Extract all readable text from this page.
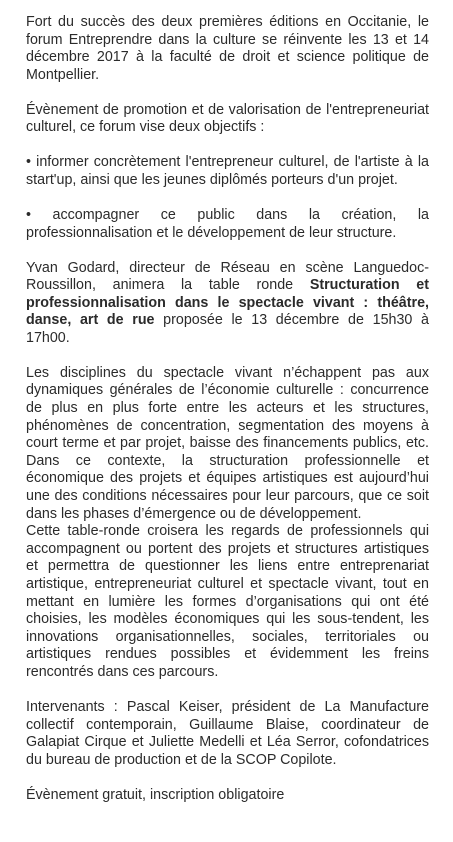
Fort du succès des deux premières éditions en Occitanie, le forum Entreprendre dans la culture se réinvente les 13 et 14 décembre 2017 à la faculté de droit et science politique de Montpellier.

Évènement de promotion et de valorisation de l'entrepreneuriat culturel, ce forum vise deux objectifs :

• informer concrètement l'entrepreneur culturel, de l'artiste à la start'up, ainsi que les jeunes diplômés porteurs d'un projet.

• accompagner ce public dans la création, la professionnalisation et le développement de leur structure.

Yvan Godard, directeur de Réseau en scène Languedoc-Roussillon, animera la table ronde Structuration et professionnalisation dans le spectacle vivant : théâtre, danse, art de rue proposée le 13 décembre de 15h30 à 17h00.

Les disciplines du spectacle vivant n’échappent pas aux dynamiques générales de l’économie culturelle : concurrence de plus en plus forte entre les acteurs et les structures, phénomènes de concentration, segmentation des moyens à court terme et par projet, baisse des financements publics, etc. Dans ce contexte, la structuration professionnelle et économique des projets et équipes artistiques est aujourd’hui une des conditions nécessaires pour leur parcours, que ce soit dans les phases d’émergence ou de développement.

Cette table-ronde croisera les regards de professionnels qui accompagnent ou portent des projets et structures artistiques et permettra de questionner les liens entre entreprenariat artistique, entrepreneuriat culturel et spectacle vivant, tout en mettant en lumière les formes d’organisations qui ont été choisies, les modèles économiques qui les sous-tendent, les innovations organisationnelles, sociales, territoriales ou artistiques rendues possibles et évidemment les freins rencontrés dans ces parcours.

Intervenants : Pascal Keiser, président de La Manufacture collectif contemporain, Guillaume Blaise, coordinateur de Galapiat Cirque et Juliette Medelli et Léa Serror, cofondatrices du bureau de production et de la SCOP Copilote.

Évènement gratuit, inscription obligatoire
